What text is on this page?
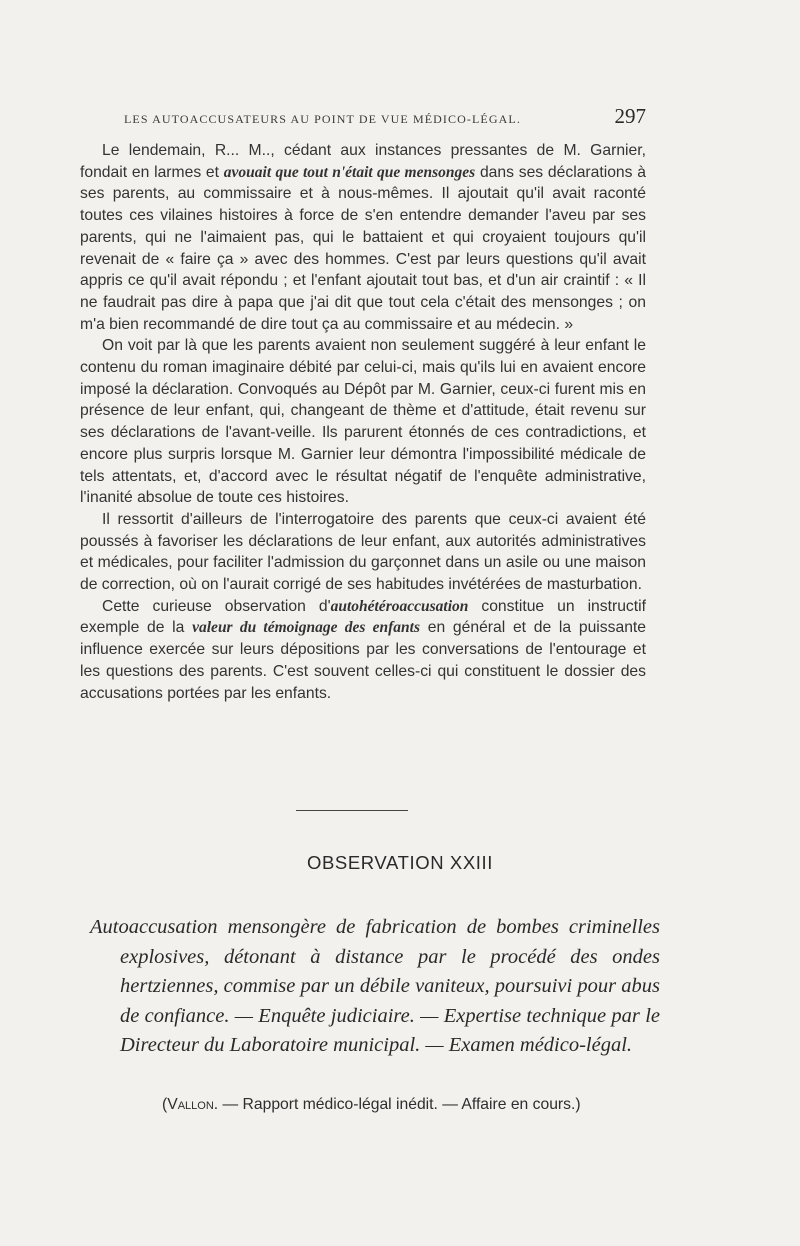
LES AUTOACCUSATEURS AU POINT DE VUE MÉDICO-LÉGAL.	297

Le lendemain, R... M.., cédant aux instances pressantes de M. Garnier, fondait en larmes et avouait que tout n'était que mensonges dans ses déclarations à ses parents, au commissaire et à nous-mêmes. Il ajoutait qu'il avait raconté toutes ces vilaines histoires à force de s'en entendre demander l'aveu par ses parents, qui ne l'aimaient pas, qui le battaient et qui croyaient toujours qu'il revenait de « faire ça » avec des hommes. C'est par leurs questions qu'il avait appris ce qu'il avait répondu ; et l'enfant ajoutait tout bas, et d'un air craintif : « Il ne faudrait pas dire à papa que j'ai dit que tout cela c'était des mensonges ; on m'a bien recommandé de dire tout ça au commissaire et au médecin. »

On voit par là que les parents avaient non seulement suggéré à leur enfant le contenu du roman imaginaire débité par celui-ci, mais qu'ils lui en avaient encore imposé la déclaration. Convoqués au Dépôt par M. Garnier, ceux-ci furent mis en présence de leur enfant, qui, changeant de thème et d'attitude, était revenu sur ses déclarations de l'avant-veille. Ils parurent étonnés de ces contradictions, et encore plus surpris lorsque M. Garnier leur démontra l'impossibilité médicale de tels attentats, et, d'accord avec le résultat négatif de l'enquête administrative, l'inanité absolue de toute ces histoires.

Il ressortit d'ailleurs de l'interrogatoire des parents que ceux-ci avaient été poussés à favoriser les déclarations de leur enfant, aux autorités administratives et médicales, pour faciliter l'admission du garçonnet dans un asile ou une maison de correction, où on l'aurait corrigé de ses habitudes invétérées de masturbation.

Cette curieuse observation d'autohétéroaccusation constitue un instructif exemple de la valeur du témoignage des enfants en général et de la puissante influence exercée sur leurs dépositions par les conversations de l'entourage et les questions des parents. C'est souvent celles-ci qui constituent le dossier des accusations portées par les enfants.

OBSERVATION XXIII
Autoaccusation mensongère de fabrication de bombes criminelles explosives, détonant à distance par le procédé des ondes hertziennes, commise par un débile vaniteux, poursuivi pour abus de confiance. — Enquête judiciaire. — Expertise technique par le Directeur du Laboratoire municipal. — Examen médico-légal.
(Vallon. — Rapport médico-légal inédit. — Affaire en cours.)
